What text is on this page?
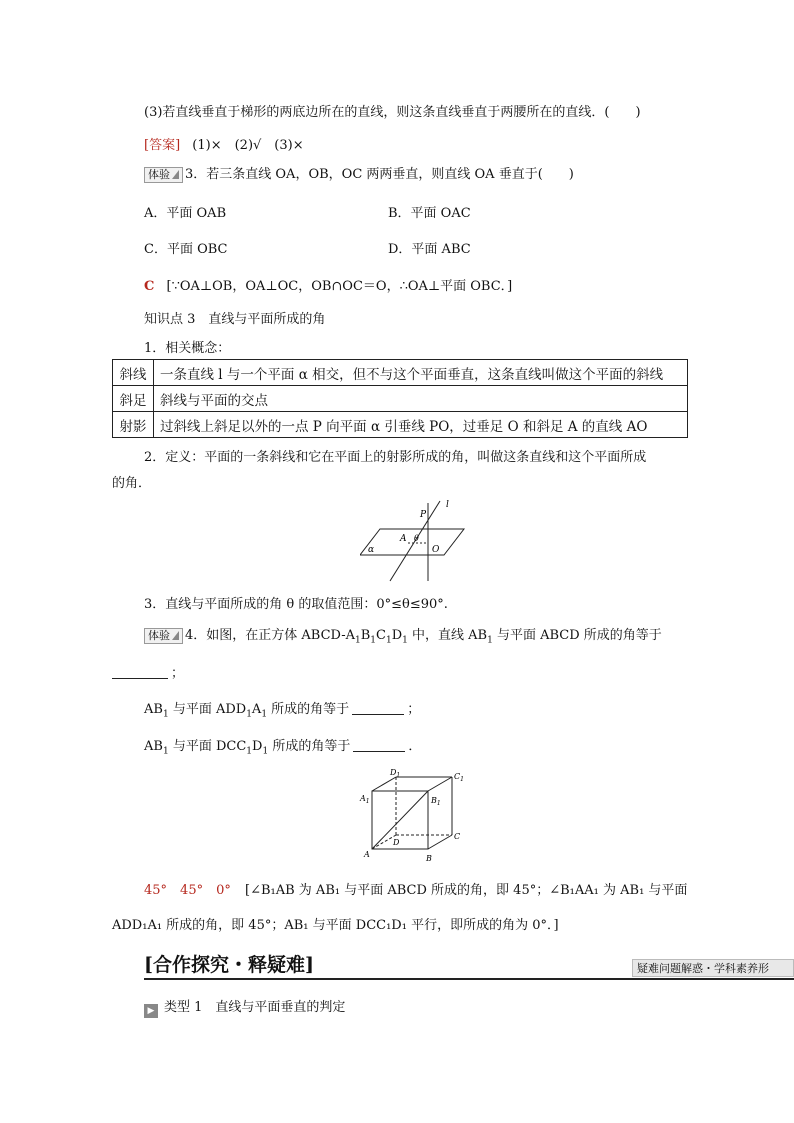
(3)若直线垂直于梯形的两底边所在的直线，则这条直线垂直于两腰所在的直线．(　　)
[答案] (1)×　(2)√　(3)×
体验 3．若三条直线 OA，OB，OC 两两垂直，则直线 OA 垂直于(　　)
A．平面 OAB	B．平面 OAC
C．平面 OBC	D．平面 ABC
C [∵OA⊥OB，OA⊥OC，OB∩OC＝O，∴OA⊥平面 OBC．]
知识点 3　直线与平面所成的角
1．相关概念：
斜线	一条直线 l 与一个平面 α 相交，但不与这个平面垂直，这条直线叫做这个平面的斜线
斜足	斜线与平面的交点
射影	过斜线上斜足以外的一点 P 向平面 α 引垂线 PO，过垂足 O 和斜足 A 的直线 AO
2．定义：平面的一条斜线和它在平面上的射影所成的角，叫做这条直线和这个平面所成
的角．
l
P
A θ
O
α
3．直线与平面所成的角 θ 的取值范围：0°≤θ≤90°.
体验 4．如图，在正方体 ABCD-$A_1B_1C_1D_1$ 中，直线 $AB_1$ 与平面 ABCD 所成的角等于
；
$AB_1$ 与平面 $ADD_1A_1$ 所成的角等于	；
$AB_1$ 与平面 $DCC_1D_1$ 所成的角等于	．
$D_1$	$C_1$
$A_1$	$B_1$
D
C
A	B
45°　45°　0° [∠B₁AB 为 AB₁ 与平面 ABCD 所成的角，即 45°；∠B₁AA₁ 为 AB₁ 与平面
ADD₁A₁ 所成的角，即 45°；AB₁ 与平面 DCC₁D₁ 平行，即所成的角为 0°．]
[合作探究・释疑难]	疑难问题解惑・学科素养形
▶ 类型 1　直线与平面垂直的判定
